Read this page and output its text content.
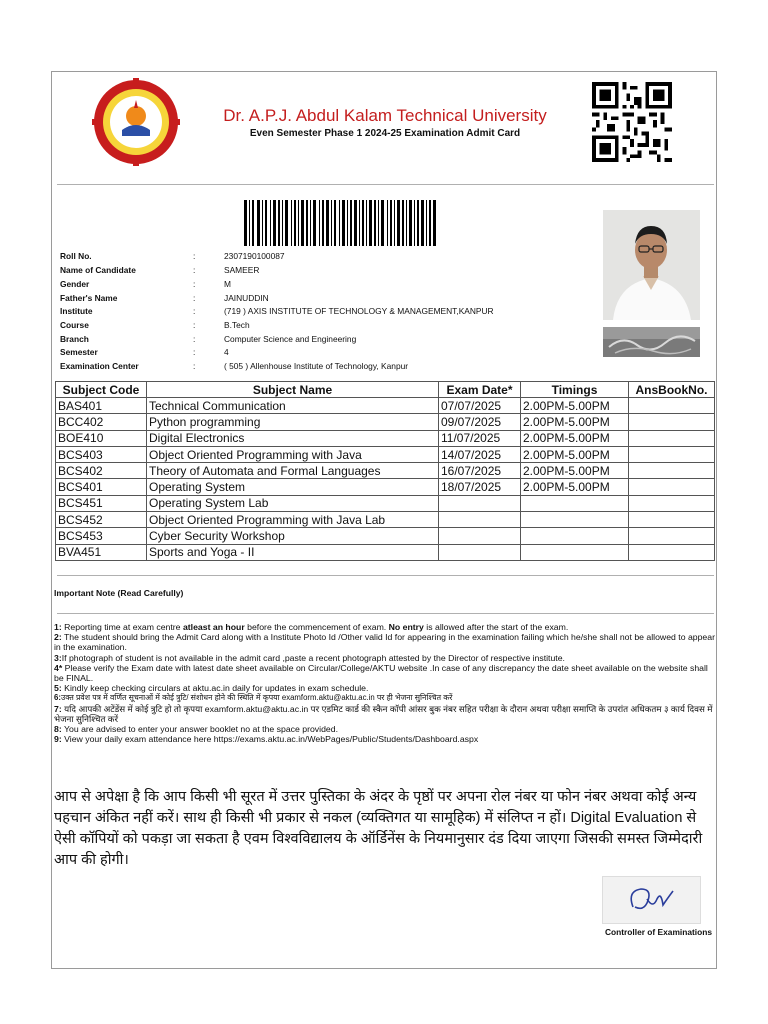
Dr. A.P.J. Abdul Kalam Technical University
Even Semester Phase 1 2024-25 Examination Admit Card
Roll No.	:	2307190100087
Name of Candidate	:	SAMEER
Gender	:	M
Father's Name	:	JAINUDDIN
Institute	:	(719 ) AXIS INSTITUTE OF TECHNOLOGY & MANAGEMENT,KANPUR
Course	:	B.Tech
Branch	:	Computer Science and Engineering
Semester	:	4
Examination Center	:	( 505 ) Allenhouse Institute of Technology, Kanpur
Subject Code	Subject Name	Exam Date*	Timings	AnsBookNo.
BAS401	Technical Communication	07/07/2025	2.00PM-5.00PM	
BCC402	Python programming	09/07/2025	2.00PM-5.00PM	
BOE410	Digital Electronics	11/07/2025	2.00PM-5.00PM	
BCS403	Object Oriented Programming with Java	14/07/2025	2.00PM-5.00PM	
BCS402	Theory of Automata and Formal Languages	16/07/2025	2.00PM-5.00PM	
BCS401	Operating System	18/07/2025	2.00PM-5.00PM	
BCS451	Operating System Lab			
BCS452	Object Oriented Programming with Java Lab			
BCS453	Cyber Security Workshop			
BVA451	Sports and Yoga - II			
Important Note (Read Carefully)

1: Reporting time at exam centre atleast an hour before the commencement of exam. No entry is allowed after the start of the exam.

2: The student should bring the Admit Card along with a Institute Photo Id /Other valid Id for appearing in the examination failing which he/she shall not be allowed to appear in the examination.

3:If photograph of student is not available in the admit card ,paste a recent photograph attested by the Director of respective institute.

4* Please verify the Exam date with latest date sheet available on Circular/College/AKTU website .In case of any discrepancy the date sheet available on the website shall be FINAL.

5: Kindly keep checking circulars at aktu.ac.in daily for updates in exam schedule.

6:उक्त प्रवेश पत्र में वर्णित सूचनाओं में कोई त्रुटि/ संशोधन होने की स्थिति में कृपया examform.aktu@aktu.ac.in पर ही भेजना सुनिश्चित करें

7: यदि आपकी अटेंडेंस में कोई त्रुटि हो तो कृपया examform.aktu@aktu.ac.in पर एडमिट कार्ड की स्कैन कॉपी आंसर बुक नंबर सहित परीक्षा के दौरान अथवा परीक्षा समाप्ति के उपरांत अधिकतम ३ कार्य दिवस में भेजना सुनिश्चित करें

8: You are advised to enter your answer booklet no at the space provided.

9: View your daily exam attendance here https://exams.aktu.ac.in/WebPages/Public/Students/Dashboard.aspx

आप से अपेक्षा है कि आप किसी भी सूरत में उत्तर पुस्तिका के अंदर के पृष्ठों पर अपना रोल नंबर या फोन नंबर अथवा कोई अन्य पहचान अंकित नहीं करें। साथ ही किसी भी प्रकार से नकल (व्यक्तिगत या सामूहिक) में संलिप्त न हों। Digital Evaluation से ऐसी कॉपियों को पकड़ा जा सकता है एवम विश्वविद्यालय के ऑर्डिनेंस के नियमानुसार दंड दिया जाएगा जिसकी समस्त जिम्मेदारी आप की होगी।
Controller of Examinations
